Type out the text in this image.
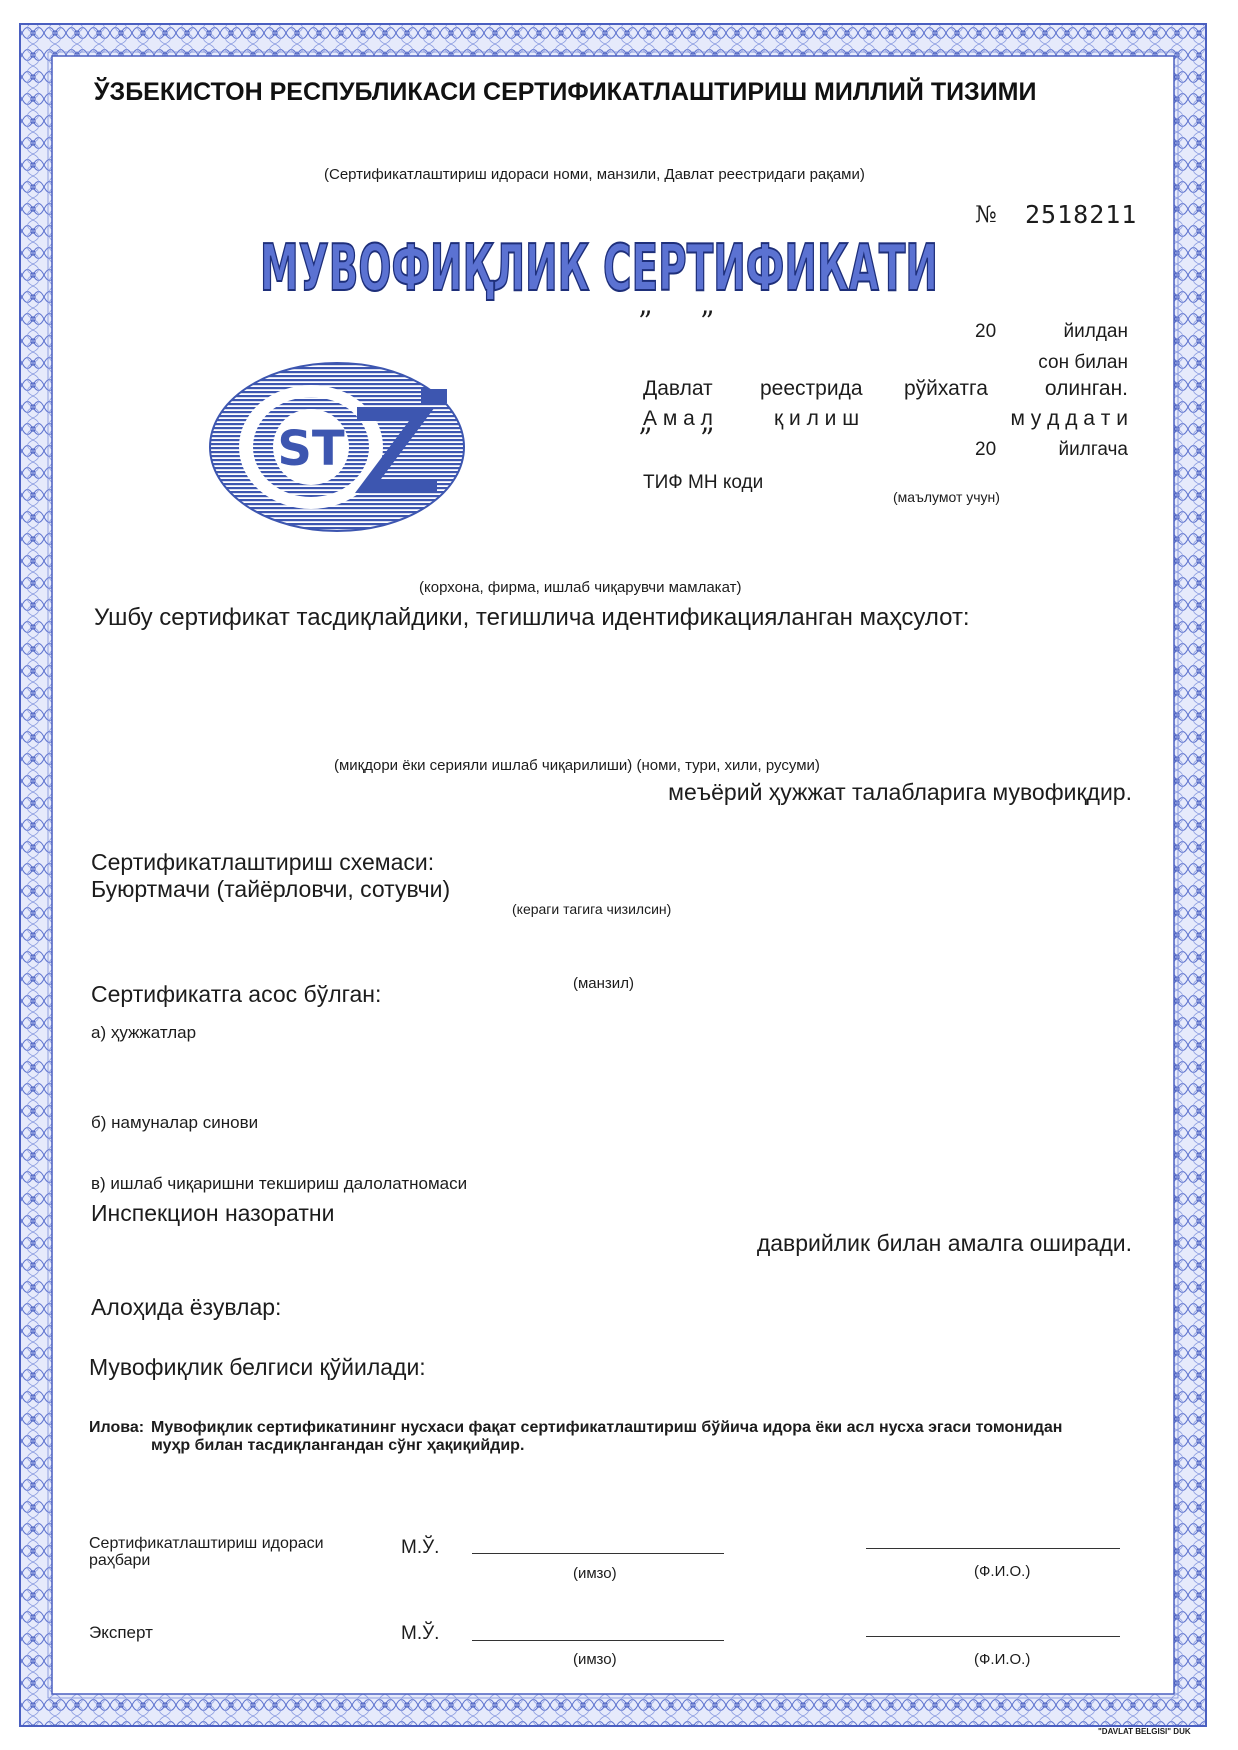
ЎЗБЕКИСТОН РЕСПУБЛИКАСИ СЕРТИФИКАТЛАШТИРИШ МИЛЛИЙ ТИЗИМИ
(Сертификатлаштириш идораси номи, манзили, Давлат реестридаги рақами)
№ 2518211
МУВОФИҚЛИК СЕРТИФИКАТИ
” ”	20	йилдан
сон билан
Давлат реестрида рўйхатга	олинган.
А м а л	қ и л и ш	м у д д а т и
” ”	20	йилгача
ТИФ МН коди
(маълумот учун)
ST
(корхона, фирма, ишлаб чиқарувчи мамлакат)
Ушбу сертификат тасдиқлайдики, тегишлича идентификацияланган маҳсулот:
(миқдори ёки серияли ишлаб чиқарилиши) (номи, тури, хили, русуми)
меъёрий ҳужжат талабларига мувофиқдир.
Сертификатлаштириш схемаси:
Буюртмачи (тайёрловчи, сотувчи)
(кераги тагига чизилсин)
(манзил)
Сертификатга асос бўлган:
а) ҳужжатлар
б) намуналар синови
в) ишлаб чиқаришни текшириш далолатномаси
Инспекцион назоратни
даврийлик билан амалга оширади.
Алоҳида ёзувлар:
Мувофиқлик белгиси қўйилади:
Илова: Мувофиқлик сертификатининг нусхаси фақат сертификатлаштириш бўйича идора ёки асл нусха эгаси томонидан
муҳр билан тасдиқлангандан сўнг ҳақиқийдир.
Сертификатлаштириш идораси
раҳбари
М.Ў.
(имзо)	(Ф.И.О.)
Эксперт	М.Ў.
(имзо)	(Ф.И.О.)
"DAVLAT BELGISI" DUK
